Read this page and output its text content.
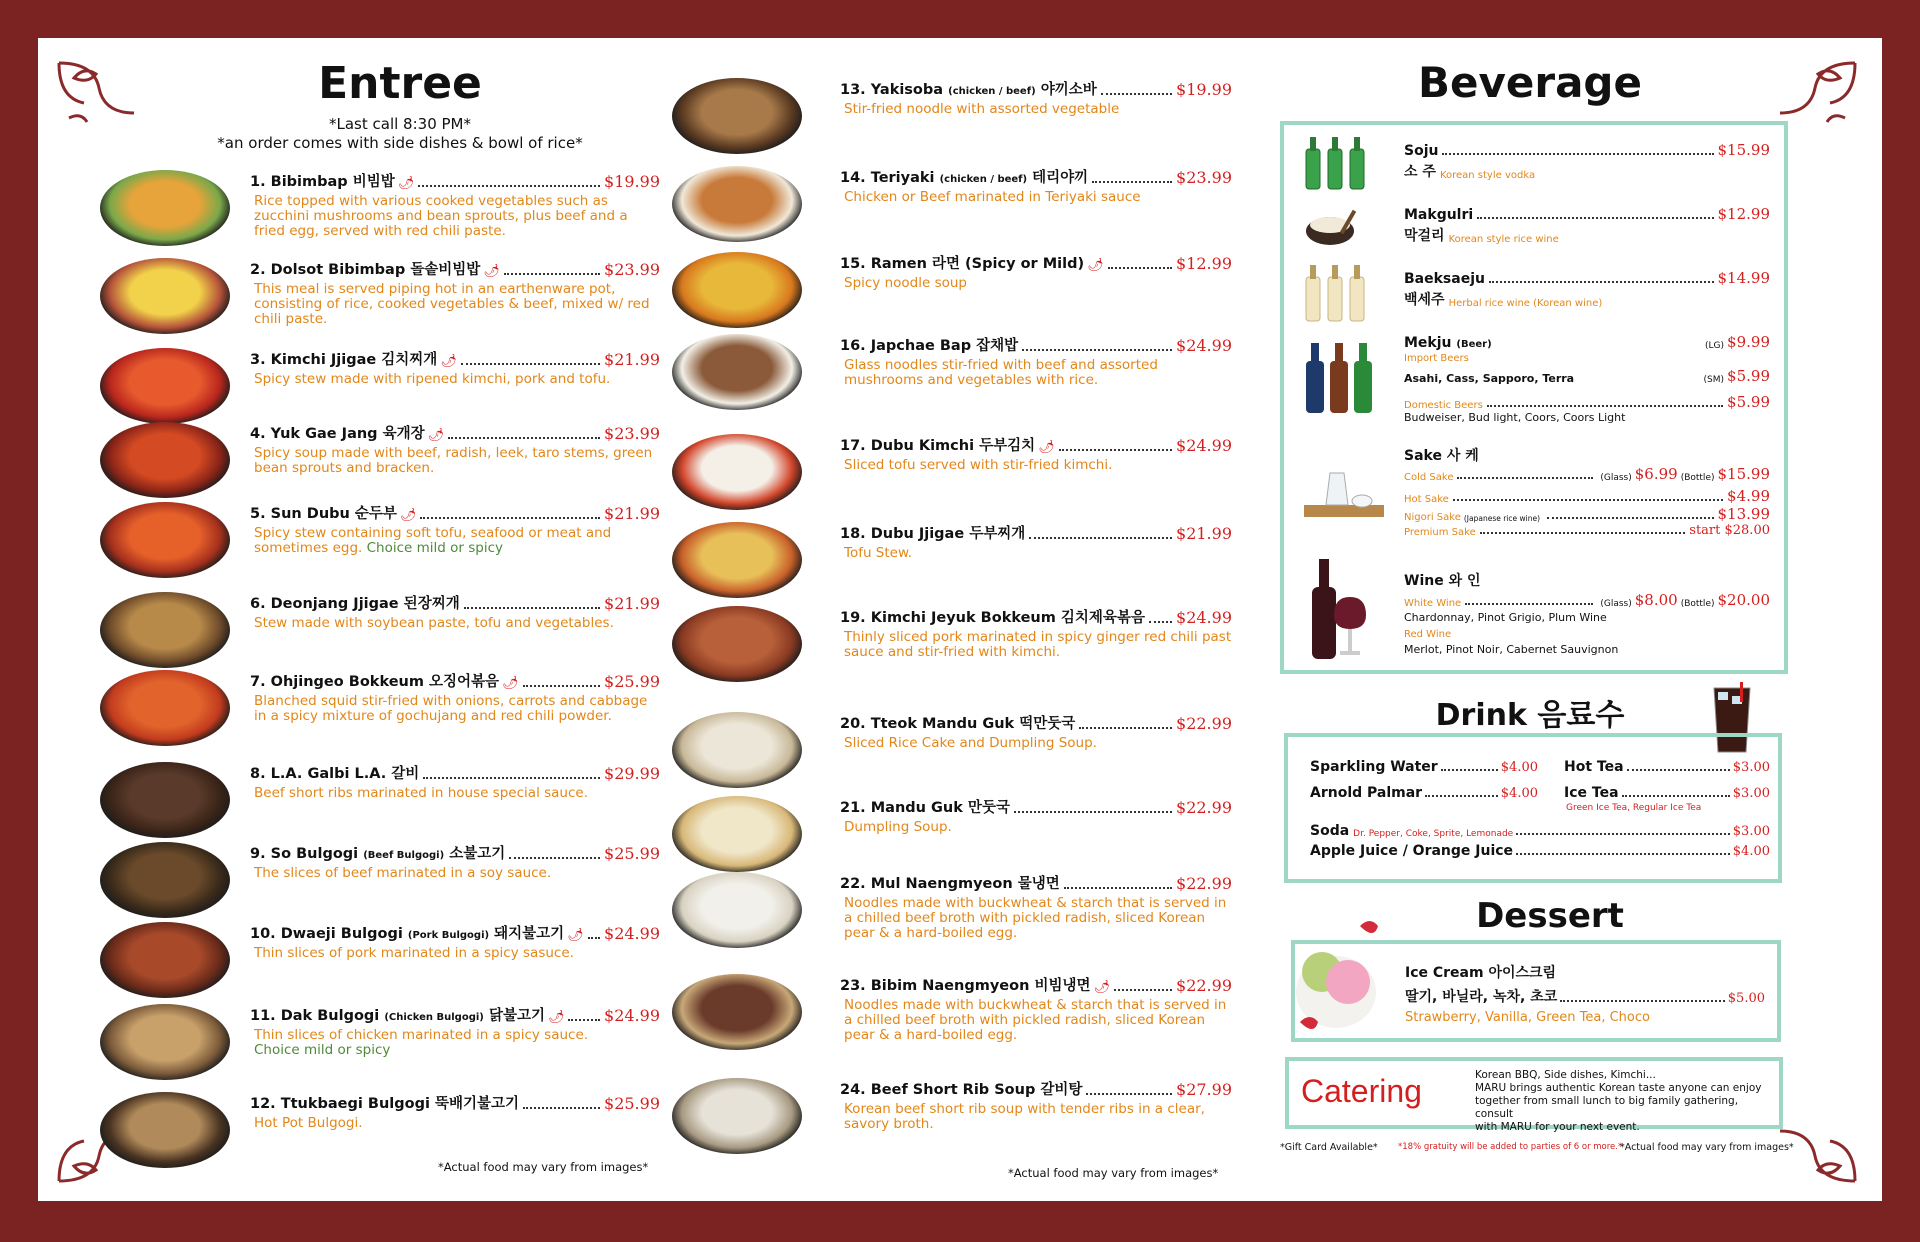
Entree
*Last call 8:30 PM*
*an order comes with side dishes & bowl of rice*
1. Bibimbap 비빔밥 🌶	$19.99
Rice topped with various cooked vegetables such as zucchini mushrooms and bean sprouts, plus beef and a fried egg, served with red chili paste.
2. Dolsot Bibimbap 돌솥비빔밥 🌶	$23.99
This meal is served piping hot in an earthenware pot, consisting of rice, cooked vegetables & beef, mixed w/ red chili paste.
3. Kimchi Jjigae 김치찌개 🌶	$21.99
Spicy stew made with ripened kimchi, pork and tofu.
4. Yuk Gae Jang 육개장 🌶	$23.99
Spicy soup made with beef, radish, leek, taro stems, green bean sprouts and bracken.
5. Sun Dubu 순두부 🌶	$21.99
Spicy stew containing soft tofu, seafood or meat and sometimes egg. Choice mild or spicy
6. Deonjang Jjigae 된장찌개	$21.99
Stew made with soybean paste, tofu and vegetables.
7. Ohjingeo Bokkeum 오징어볶음 🌶	$25.99
Blanched squid stir-fried with onions, carrots and cabbage in a spicy mixture of gochujang and red chili powder.
8. L.A. Galbi L.A. 갈비	$29.99
Beef short ribs marinated in house special sauce.
9. So Bulgogi (Beef Bulgogi) 소불고기	$25.99
The slices of beef marinated in a soy sauce.
10. Dwaeji Bulgogi (Pork Bulgogi) 돼지불고기 🌶 $24.99
Thin slices of pork marinated in a spicy sasuce.
11. Dak Bulgogi (Chicken Bulgogi) 닭불고기 🌶 $24.99
Thin slices of chicken marinated in a spicy sauce.
Choice mild or spicy
12. Ttukbaegi Bulgogi 뚝배기불고기	$25.99
Hot Pot Bulgogi.
*Actual food may vary from images*
13. Yakisoba (chicken / beef) 야끼소바	$19.99
Stir-fried noodle with assorted vegetable
14. Teriyaki (chicken / beef) 테리야끼	$23.99
Chicken or Beef marinated in Teriyaki sauce
15. Ramen 라면 (Spicy or Mild) 🌶	$12.99
Spicy noodle soup
16. Japchae Bap 잡채밥	$24.99
Glass noodles stir-fried with beef and assorted mushrooms and vegetables with rice.
17. Dubu Kimchi 두부김치 🌶	$24.99
Sliced tofu served with stir-fried kimchi.
18. Dubu Jjigae 두부찌개	$21.99
Tofu Stew.
19. Kimchi Jeyuk Bokkeum 김치제육볶음 $24.99
Thinly sliced pork marinated in spicy ginger red chili past sauce and stir-fried with kimchi.
20. Tteok Mandu Guk 떡만둣국	$22.99
Sliced Rice Cake and Dumpling Soup.
21. Mandu Guk 만둣국	$22.99
Dumpling Soup.
22. Mul Naengmyeon 물냉면	$22.99
Noodles made with buckwheat & starch that is served in a chilled beef broth with pickled radish, sliced Korean pear & a hard-boiled egg.
23. Bibim Naengmyeon 비빔냉면 🌶	$22.99
Noodles made with buckwheat & starch that is served in a chilled beef broth with pickled radish, sliced Korean pear & a hard-boiled egg.
24. Beef Short Rib Soup 갈비탕	$27.99
Korean beef short rib soup with tender ribs in a clear, savory broth.
*Actual food may vary from images*
Beverage
Soju	$15.99
소 주 Korean style vodka
Makgulri	$12.99
막걸리 Korean style rice wine
Baeksaeju	$14.99
백세주 Herbal rice wine (Korean wine)
Mekju (Beer)	(LG) $9.99
Import Beers
Asahi, Cass, Sapporo, Terra	(SM) $5.99
Domestic Beers	$5.99
Budweiser, Bud light, Coors, Coors Light
Sake 사 케
Cold Sake	(Glass) $6.99 (Bottle) $15.99
Hot Sake	$4.99
Nigori Sake (Japanese rice wine)	$13.99
Premium Sake	start $28.00
Wine 와 인
White Wine	(Glass) $8.00 (Bottle) $20.00
Chardonnay, Pinot Grigio, Plum Wine
Red Wine
Merlot, Pinot Noir, Cabernet Sauvignon
Drink 음료수
Sparkling Water	$4.00 Hot Tea	$3.00
Arnold Palmar	$4.00 Ice Tea	$3.00
Green Ice Tea, Regular Ice Tea
Soda Dr. Pepper, Coke, Sprite, Lemonade	$3.00
Apple Juice / Orange Juice	$4.00
Dessert
Ice Cream 아이스크림
딸기, 바닐라, 녹차, 초코	$5.00
Strawberry, Vanilla, Green Tea, Choco
Catering	Korean BBQ, Side dishes, Kimchi...
MARU brings authentic Korean taste anyone can enjoy
together from small lunch to big family gathering, consult
with MARU for your next event.
*Gift Card Available* *18% gratuity will be added to parties of 6 or more.*
*Actual food may vary from images*
